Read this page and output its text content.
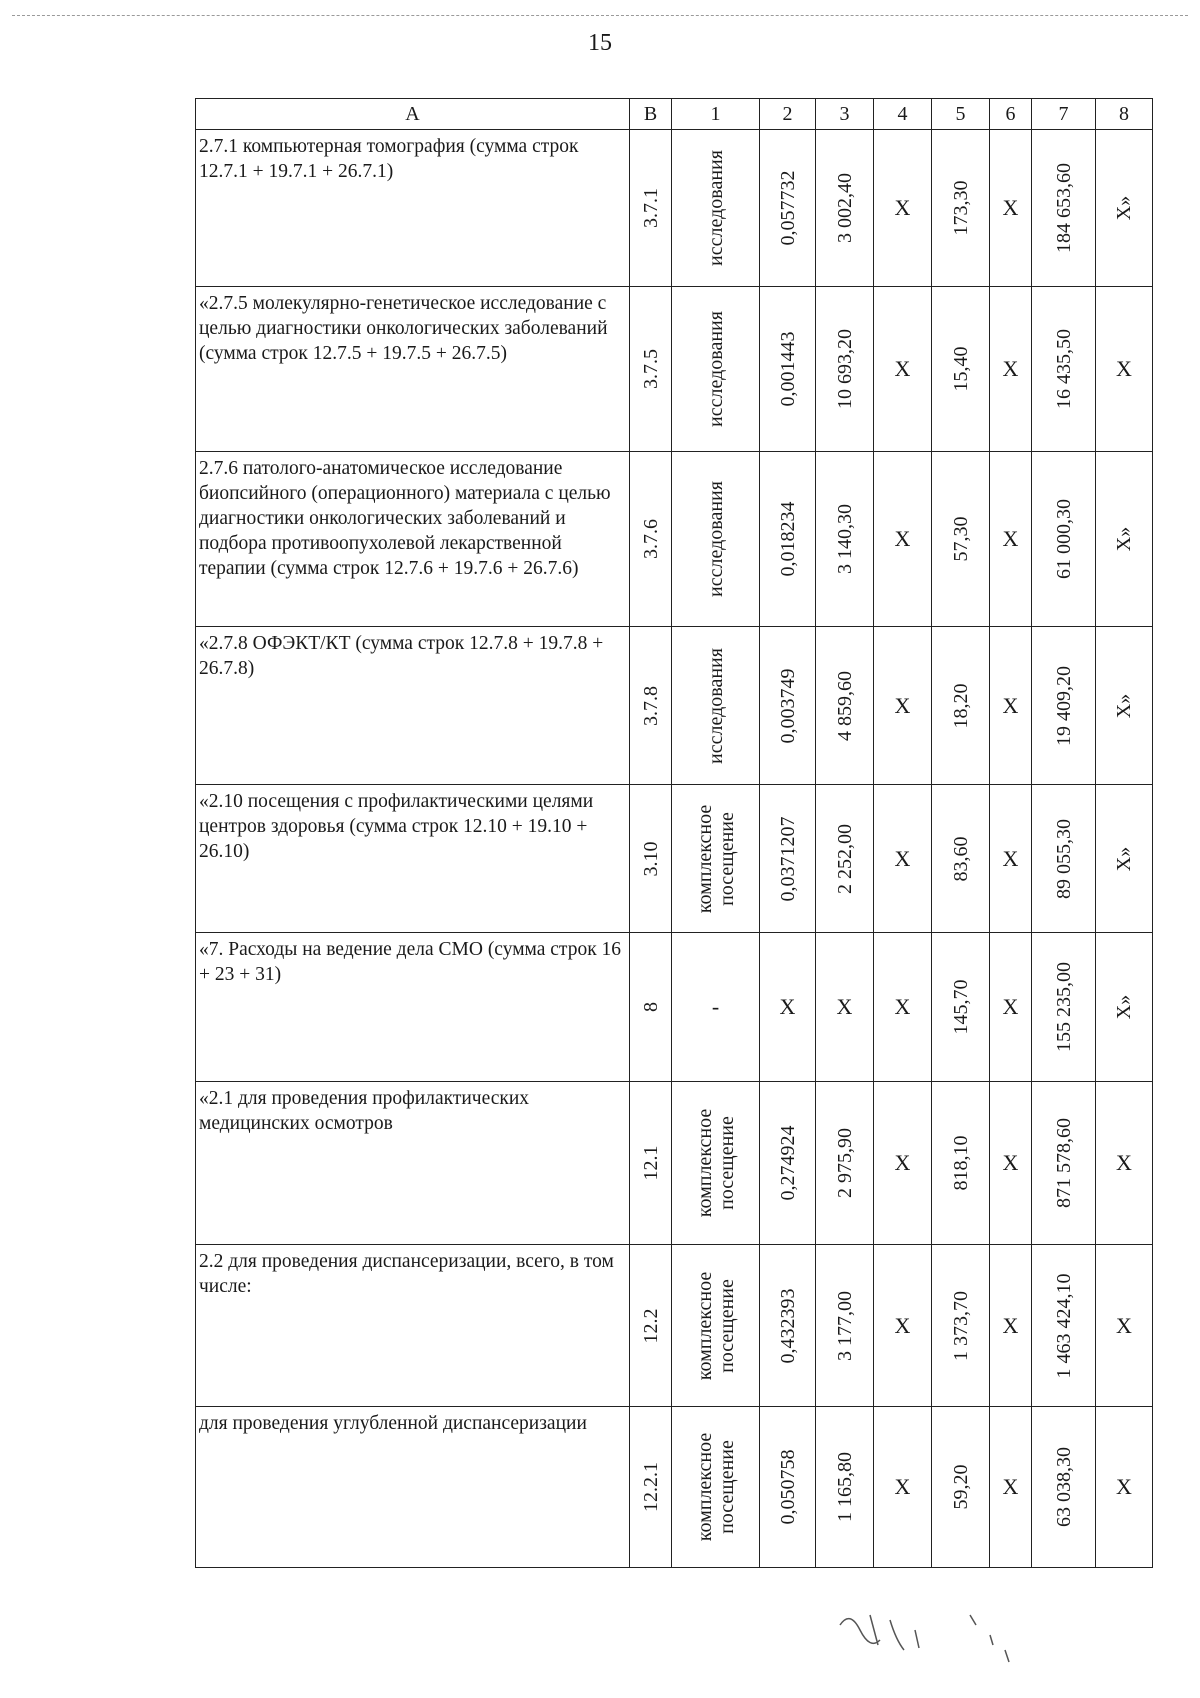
15
А	В	1	2	3	4	5	6	7	8
2.7.1 компьютерная томография (сумма строк 12.7.1 + 19.7.1 + 26.7.1)	3.7.1	исследования	0,057732	3 002,40	Х	173,30	Х	184 653,60	Х»

«2.7.5 молекулярно-генетическое исследование с целью диагностики онкологических заболеваний (сумма строк 12.7.5 + 19.7.5 + 26.7.5)	3.7.5	исследования	0,001443	10 693,20	Х	15,40	Х	16 435,50	Х
2.7.6 патолого-анатомическое исследование биопсийного (операционного) материала с целью диагностики онкологических заболеваний и подбора противоопухолевой лекарственной терапии (сумма строк 12.7.6 + 19.7.6 + 26.7.6)	3.7.6	исследования	0,018234	3 140,30	Х	57,30	Х	61 000,30	Х»

«2.7.8 ОФЭКТ/КТ (сумма строк 12.7.8 + 19.7.8 + 26.7.8)	3.7.8	исследования	0,003749	4 859,60	Х	18,20	Х	19 409,20	Х»

«2.10 посещения с профилактическими целями центров здоровья (сумма строк 12.10 + 19.10 + 26.10)	3.10	комплексное посещение	0,0371207	2 252,00	Х	83,60	Х	89 055,30	Х»

«7. Расходы на ведение дела СМО (сумма строк 16 + 23 + 31)	8	-	Х	Х	Х	145,70	Х	155 235,00	Х»

«2.1 для проведения профилактических медицинских осмотров	12.1	комплексное посещение	0,274924	2 975,90	Х	818,10	Х	871 578,60	Х
2.2 для проведения диспансеризации, всего, в том числе:	12.2	комплексное посещение	0,432393	3 177,00	Х	1 373,70	Х	1 463 424,10	Х
для проведения углубленной диспансеризации	12.2.1	комплексное посещение	0,050758	1 165,80	Х	59,20	Х	63 038,30	Х
